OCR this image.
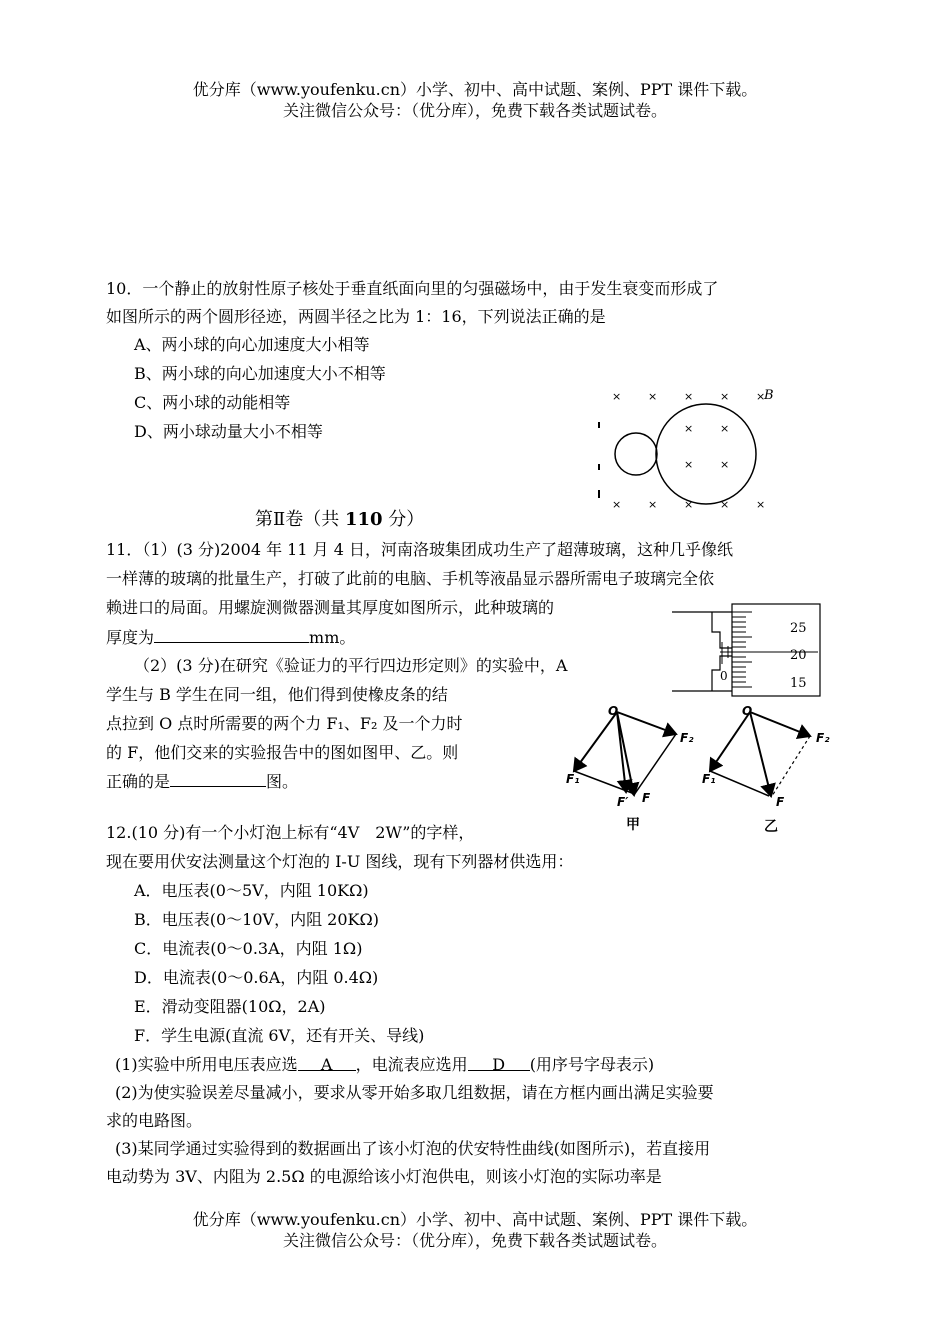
优分库（www.youfenku.cn）小学、初中、高中试题、案例、PPT 课件下载。
关注微信公众号：（优分库），免费下载各类试题试卷。
10．一个静止的放射性原子核处于垂直纸面向里的匀强磁场中，由于发生衰变而形成了
如图所示的两个圆形径迹，两圆半径之比为 1：16，下列说法正确的是
A、两小球的向心加速度大小相等
B、两小球的向心加速度大小不相等
C、两小球的动能相等
D、两小球动量大小不相等
× × × × ×
× ×
× ×
× × × × ×
B
第Ⅱ卷（共 110 分）
11．（1）(3 分)2004 年 11 月 4 日，河南洛玻集团成功生产了超薄玻璃，这种几乎像纸
一样薄的玻璃的批量生产，打破了此前的电脑、手机等液晶显示器所需电子玻璃完全依
赖进口的局面。用螺旋测微器测量其厚度如图所示，此种玻璃的
厚度为	mm。	25
20
15
0
（2）(3 分)在研究《验证力的平行四边形定则》的实验中，A
学生与 B 学生在同一组，他们得到使橡皮条的结
点拉到 O 点时所需要的两个力 F₁、F₂ 及一个力时
的 F，他们交来的实验报告中的图如图甲、乙。则
正确的是	图。
O
F₁
F₂
F′ F
甲
O
F₁
F₂
F
乙
12.(10 分)有一个小灯泡上标有“4V　2W”的字样，
现在要用伏安法测量这个灯泡的 I-U 图线，现有下列器材供选用：
A．电压表(0～5V，内阻 10KΩ)
B．电压表(0～10V，内阻 20KΩ)
C．电流表(0～0.3A，内阻 1Ω)
D．电流表(0～0.6A，内阻 0.4Ω)
E．滑动变阻器(10Ω，2A)
F．学生电源(直流 6V，还有开关、导线)
(1)实验中所用电压表应选 A ，电流表应选用 D (用序号字母表示)
(2)为使实验误差尽量减小，要求从零开始多取几组数据，请在方框内画出满足实验要
求的电路图。
(3)某同学通过实验得到的数据画出了该小灯泡的伏安特性曲线(如图所示)，若直接用
电动势为 3V、内阻为 2.5Ω 的电源给该小灯泡供电，则该小灯泡的实际功率是
优分库（www.youfenku.cn）小学、初中、高中试题、案例、PPT 课件下载。
关注微信公众号：（优分库），免费下载各类试题试卷。
